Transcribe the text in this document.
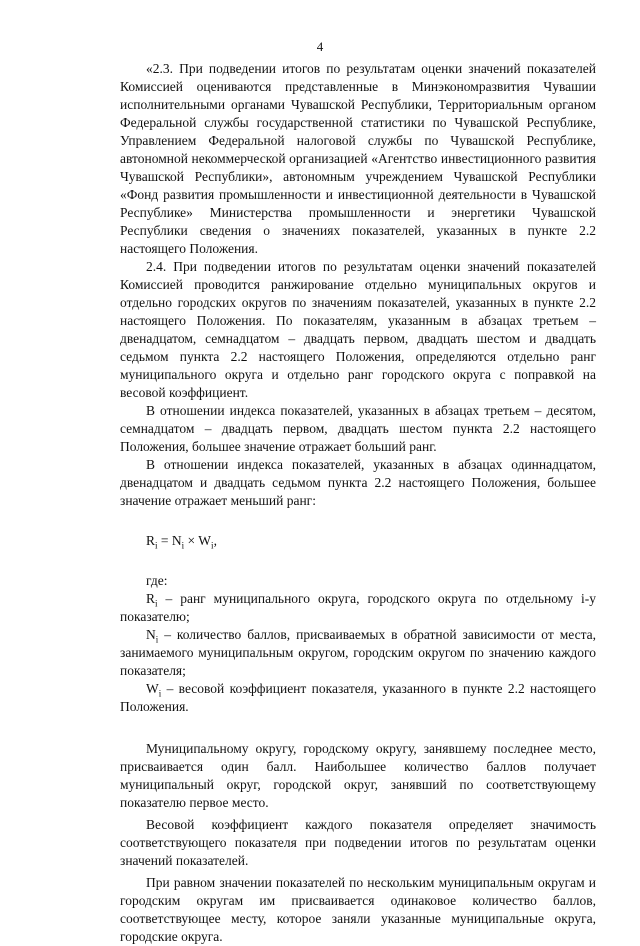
4

«2.3. При подведении итогов по результатам оценки значений показателей Комиссией оцениваются представленные в Минэкономразвития Чувашии исполнительными органами Чувашской Республики, Территориальным органом Федеральной службы государственной статистики по Чувашской Республике, Управлением Федеральной налоговой службы по Чувашской Республике, автономной некоммерческой организацией «Агентство инвестиционного развития Чувашской Республики», автономным учреждением Чувашской Республики «Фонд развития промышленности и инвестиционной деятельности в Чувашской Республике» Министерства промышленности и энергетики Чувашской Республики сведения о значениях показателей, указанных в пункте 2.2 настоящего Положения.

2.4. При подведении итогов по результатам оценки значений показателей Комиссией проводится ранжирование отдельно муниципальных округов и отдельно городских округов по значениям показателей, указанных в пункте 2.2 настоящего Положения. По показателям, указанным в абзацах третьем – двенадцатом, семнадцатом – двадцать первом, двадцать шестом и двадцать седьмом пункта 2.2 настоящего Положения, определяются отдельно ранг муниципального округа и отдельно ранг городского округа с поправкой на весовой коэффициент.

В отношении индекса показателей, указанных в абзацах третьем – десятом, семнадцатом – двадцать первом, двадцать шестом пункта 2.2 настоящего Положения, большее значение отражает больший ранг.

В отношении индекса показателей, указанных в абзацах одиннадцатом, двенадцатом и двадцать седьмом пункта 2.2 настоящего Положения, большее значение отражает меньший ранг:

$R_i = N_i \times W_i$,

где:

$R_i$ – ранг муниципального округа, городского округа по отдельному i-у показателю;

$N_i$ – количество баллов, присваиваемых в обратной зависимости от места, занимаемого муниципальным округом, городским округом по значению каждого показателя;

$W_i$ – весовой коэффициент показателя, указанного в пункте 2.2 настоящего Положения.

Муниципальному округу, городскому округу, занявшему последнее место, присваивается один балл. Наибольшее количество баллов получает муниципальный округ, городской округ, занявший по соответствующему показателю первое место.

Весовой коэффициент каждого показателя определяет значимость соответствующего показателя при подведении итогов по результатам оценки значений показателей.

При равном значении показателей по нескольким муниципальным округам и городским округам им присваивается одинаковое количество баллов, соответствующее месту, которое заняли указанные муниципальные округа, городские округа.
